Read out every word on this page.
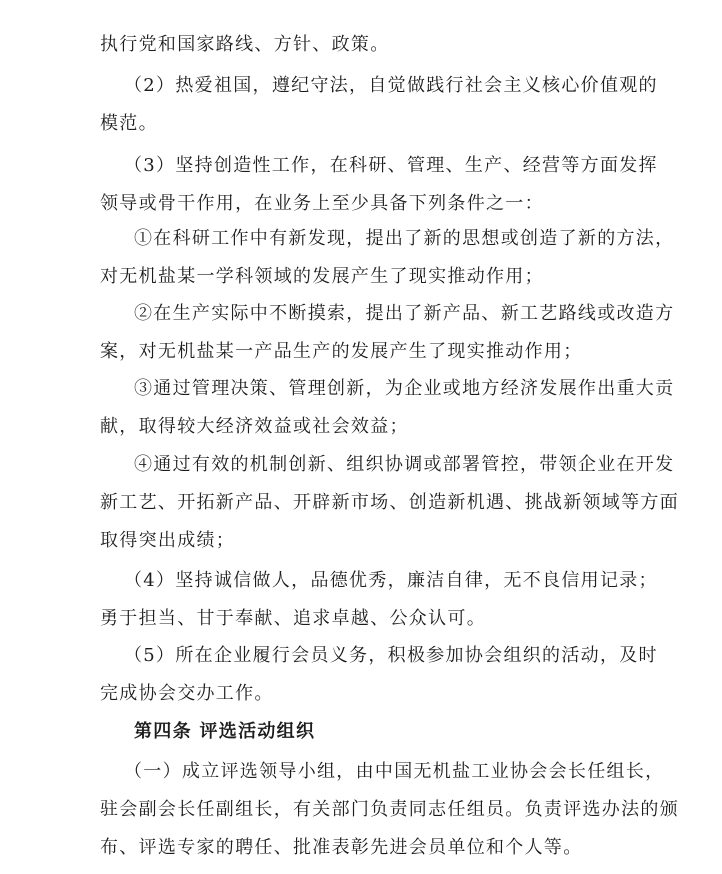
执行党和国家路线、方针、政策。
（2）热爱祖国，遵纪守法，自觉做践行社会主义核心价值观的
模范。
（3）坚持创造性工作，在科研、管理、生产、经营等方面发挥
领导或骨干作用，在业务上至少具备下列条件之一：
①在科研工作中有新发现，提出了新的思想或创造了新的方法，
对无机盐某一学科领域的发展产生了现实推动作用；
②在生产实际中不断摸索，提出了新产品、新工艺路线或改造方
案，对无机盐某一产品生产的发展产生了现实推动作用；
③通过管理决策、管理创新，为企业或地方经济发展作出重大贡
献，取得较大经济效益或社会效益；
④通过有效的机制创新、组织协调或部署管控，带领企业在开发
新工艺、开拓新产品、开辟新市场、创造新机遇、挑战新领域等方面
取得突出成绩；
（4）坚持诚信做人，品德优秀，廉洁自律，无不良信用记录；
勇于担当、甘于奉献、追求卓越、公众认可。
（5）所在企业履行会员义务，积极参加协会组织的活动，及时
完成协会交办工作。
第四条 评选活动组织
（一）成立评选领导小组，由中国无机盐工业协会会长任组长，
驻会副会长任副组长，有关部门负责同志任组员。负责评选办法的颁
布、评选专家的聘任、批准表彰先进会员单位和个人等。
